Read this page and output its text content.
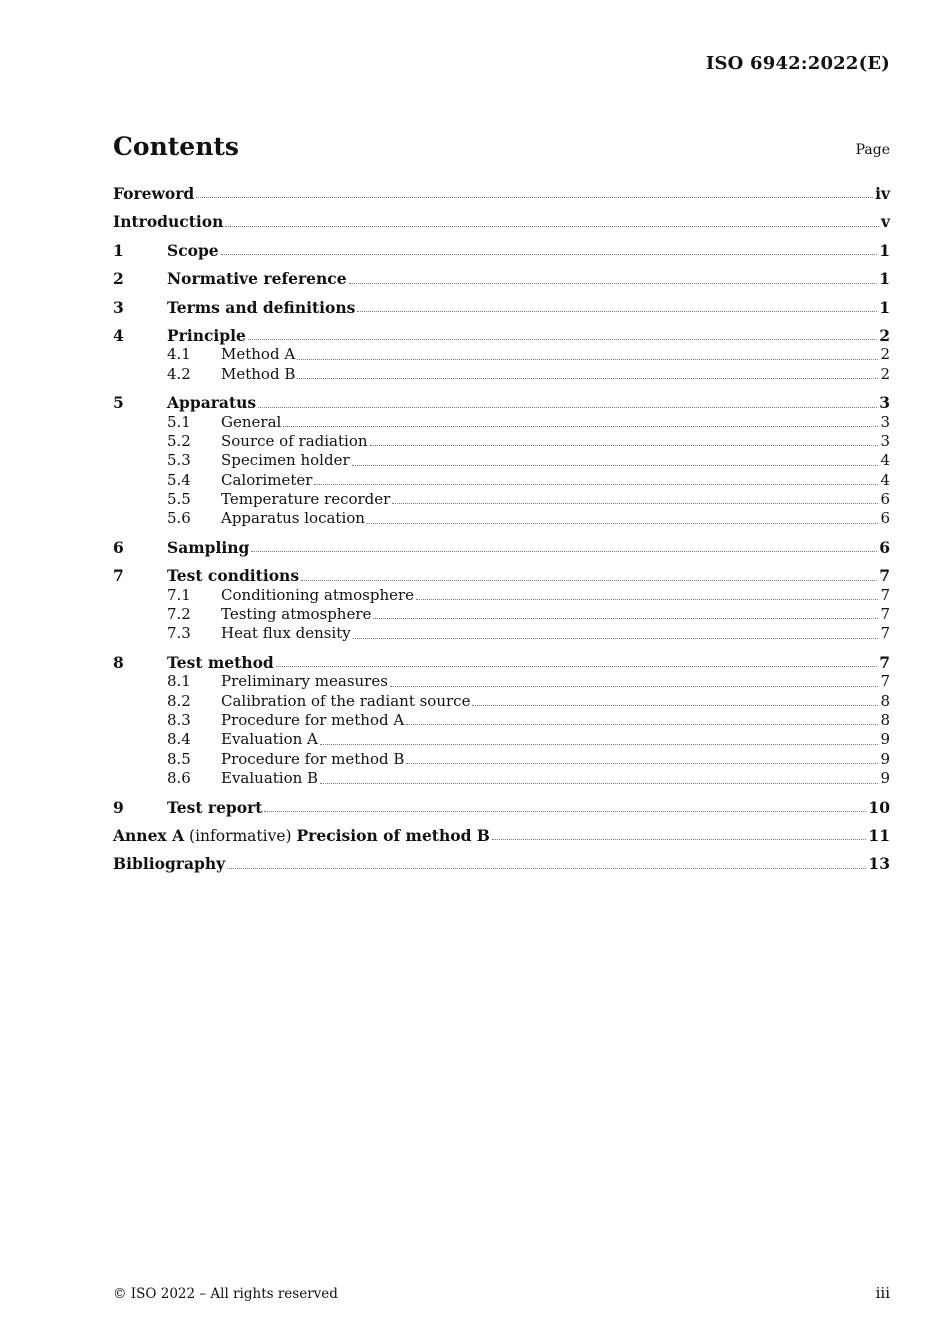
ISO 6942:2022(E)
Contents	Page
Foreword	iv
Introduction	v
1	Scope	1
2	Normative reference	1
3	Terms and definitions	1
4	Principle	2
4.1	Method A	2
4.2	Method B	2
5	Apparatus	3
5.1	General	3
5.2	Source of radiation	3
5.3	Specimen holder	4
5.4	Calorimeter	4
5.5	Temperature recorder	6
5.6	Apparatus location	6
6	Sampling	6
7	Test conditions	7
7.1	Conditioning atmosphere	7
7.2	Testing atmosphere	7
7.3	Heat flux density	7
8	Test method	7
8.1	Preliminary measures	7
8.2	Calibration of the radiant source	8
8.3	Procedure for method A	8
8.4	Evaluation A	9
8.5	Procedure for method B	9
8.6	Evaluation B	9
9	Test report	10
Annex A (informative) Precision of method B	11
Bibliography	13
© ISO 2022 – All rights reserved	iii
